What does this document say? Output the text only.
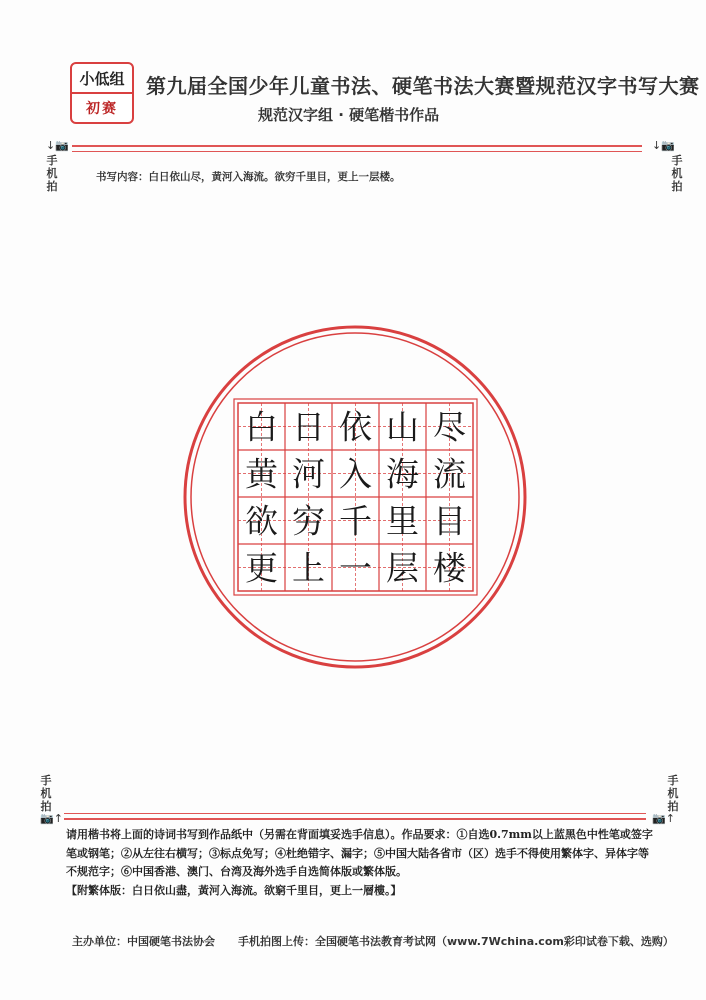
小低组
初赛
第九届全国少年儿童书法、硬笔书法大赛暨规范汉字书写大赛
规范汉字组 · 硬笔楷书作品
↓📷	↓📷
手
机
拍
手
机
拍
书写内容：白日依山尽，黄河入海流。欲穷千里目，更上一层楼。
白 日 依 山 尽
黄 河 入 海 流
欲 穷 千 里 目
更 上 一 层 楼
手
机
拍
手
机
拍
📷↑	📷↑

请用楷书将上面的诗词书写到作品纸中（另需在背面填妥选手信息）。作品要求：①自选0.7mm以上蓝黑色中性笔或签字笔或钢笔；②从左往右横写；③标点免写；④杜绝错字、漏字；⑤中国大陆各省市（区）选手不得使用繁体字、异体字等不规范字；⑥中国香港、澳门、台湾及海外选手自选简体版或繁体版。

【附繁体版：白日依山盡，黃河入海流。欲窮千里目，更上一層樓。】

主办单位：中国硬笔书法协会 手机拍图上传：全国硬笔书法教育考试网（www.7Wchina.com彩印试卷下载、选购）
